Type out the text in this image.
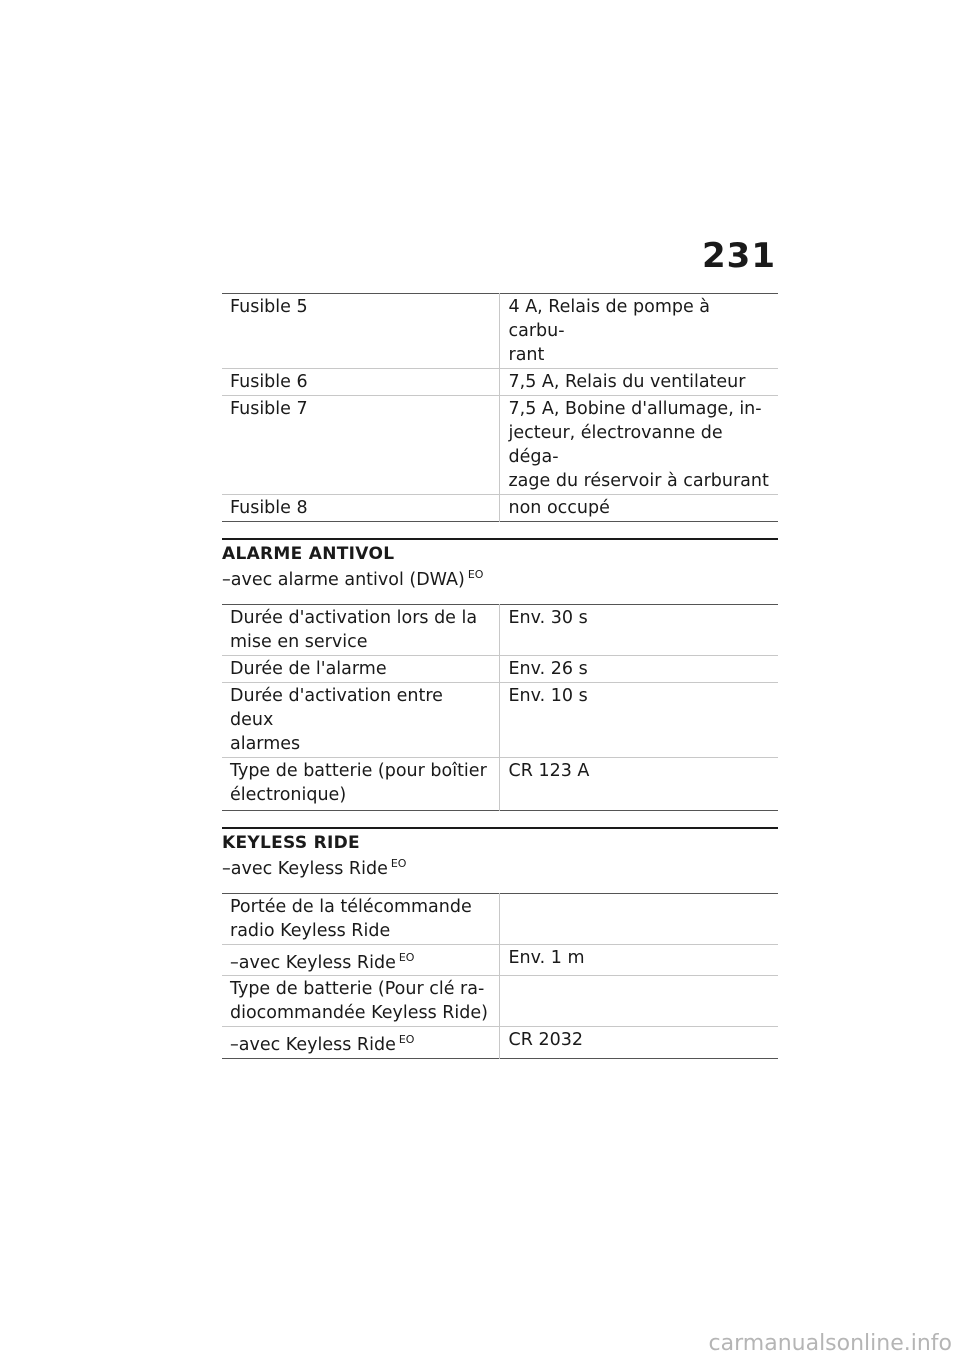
231
Fusible 5	4 A, Relais de pompe à carbu-
rant
Fusible 6	7,5 A, Relais du ventilateur
Fusible 7	7,5 A, Bobine d'allumage, in-
jecteur, électrovanne de déga-
zage du réservoir à carburant
Fusible 8	non occupé
ALARME ANTIVOL
–avec alarme antivol (DWA) $^{EO}$
Durée d'activation lors de la
mise en service	Env. 30 s
Durée de l'alarme	Env. 26 s
Durée d'activation entre deux
alarmes	Env. 10 s
Type de batterie (pour boîtier
électronique)	CR 123 A
KEYLESS RIDE
–avec Keyless Ride $^{EO}$
Portée de la télécommande
radio Keyless Ride	
–avec Keyless Ride $^{EO}$	Env. 1 m
Type de batterie (Pour clé ra-
diocommandée Keyless Ride)	
–avec Keyless Ride $^{EO}$	CR 2032
carmanualsonline.info
